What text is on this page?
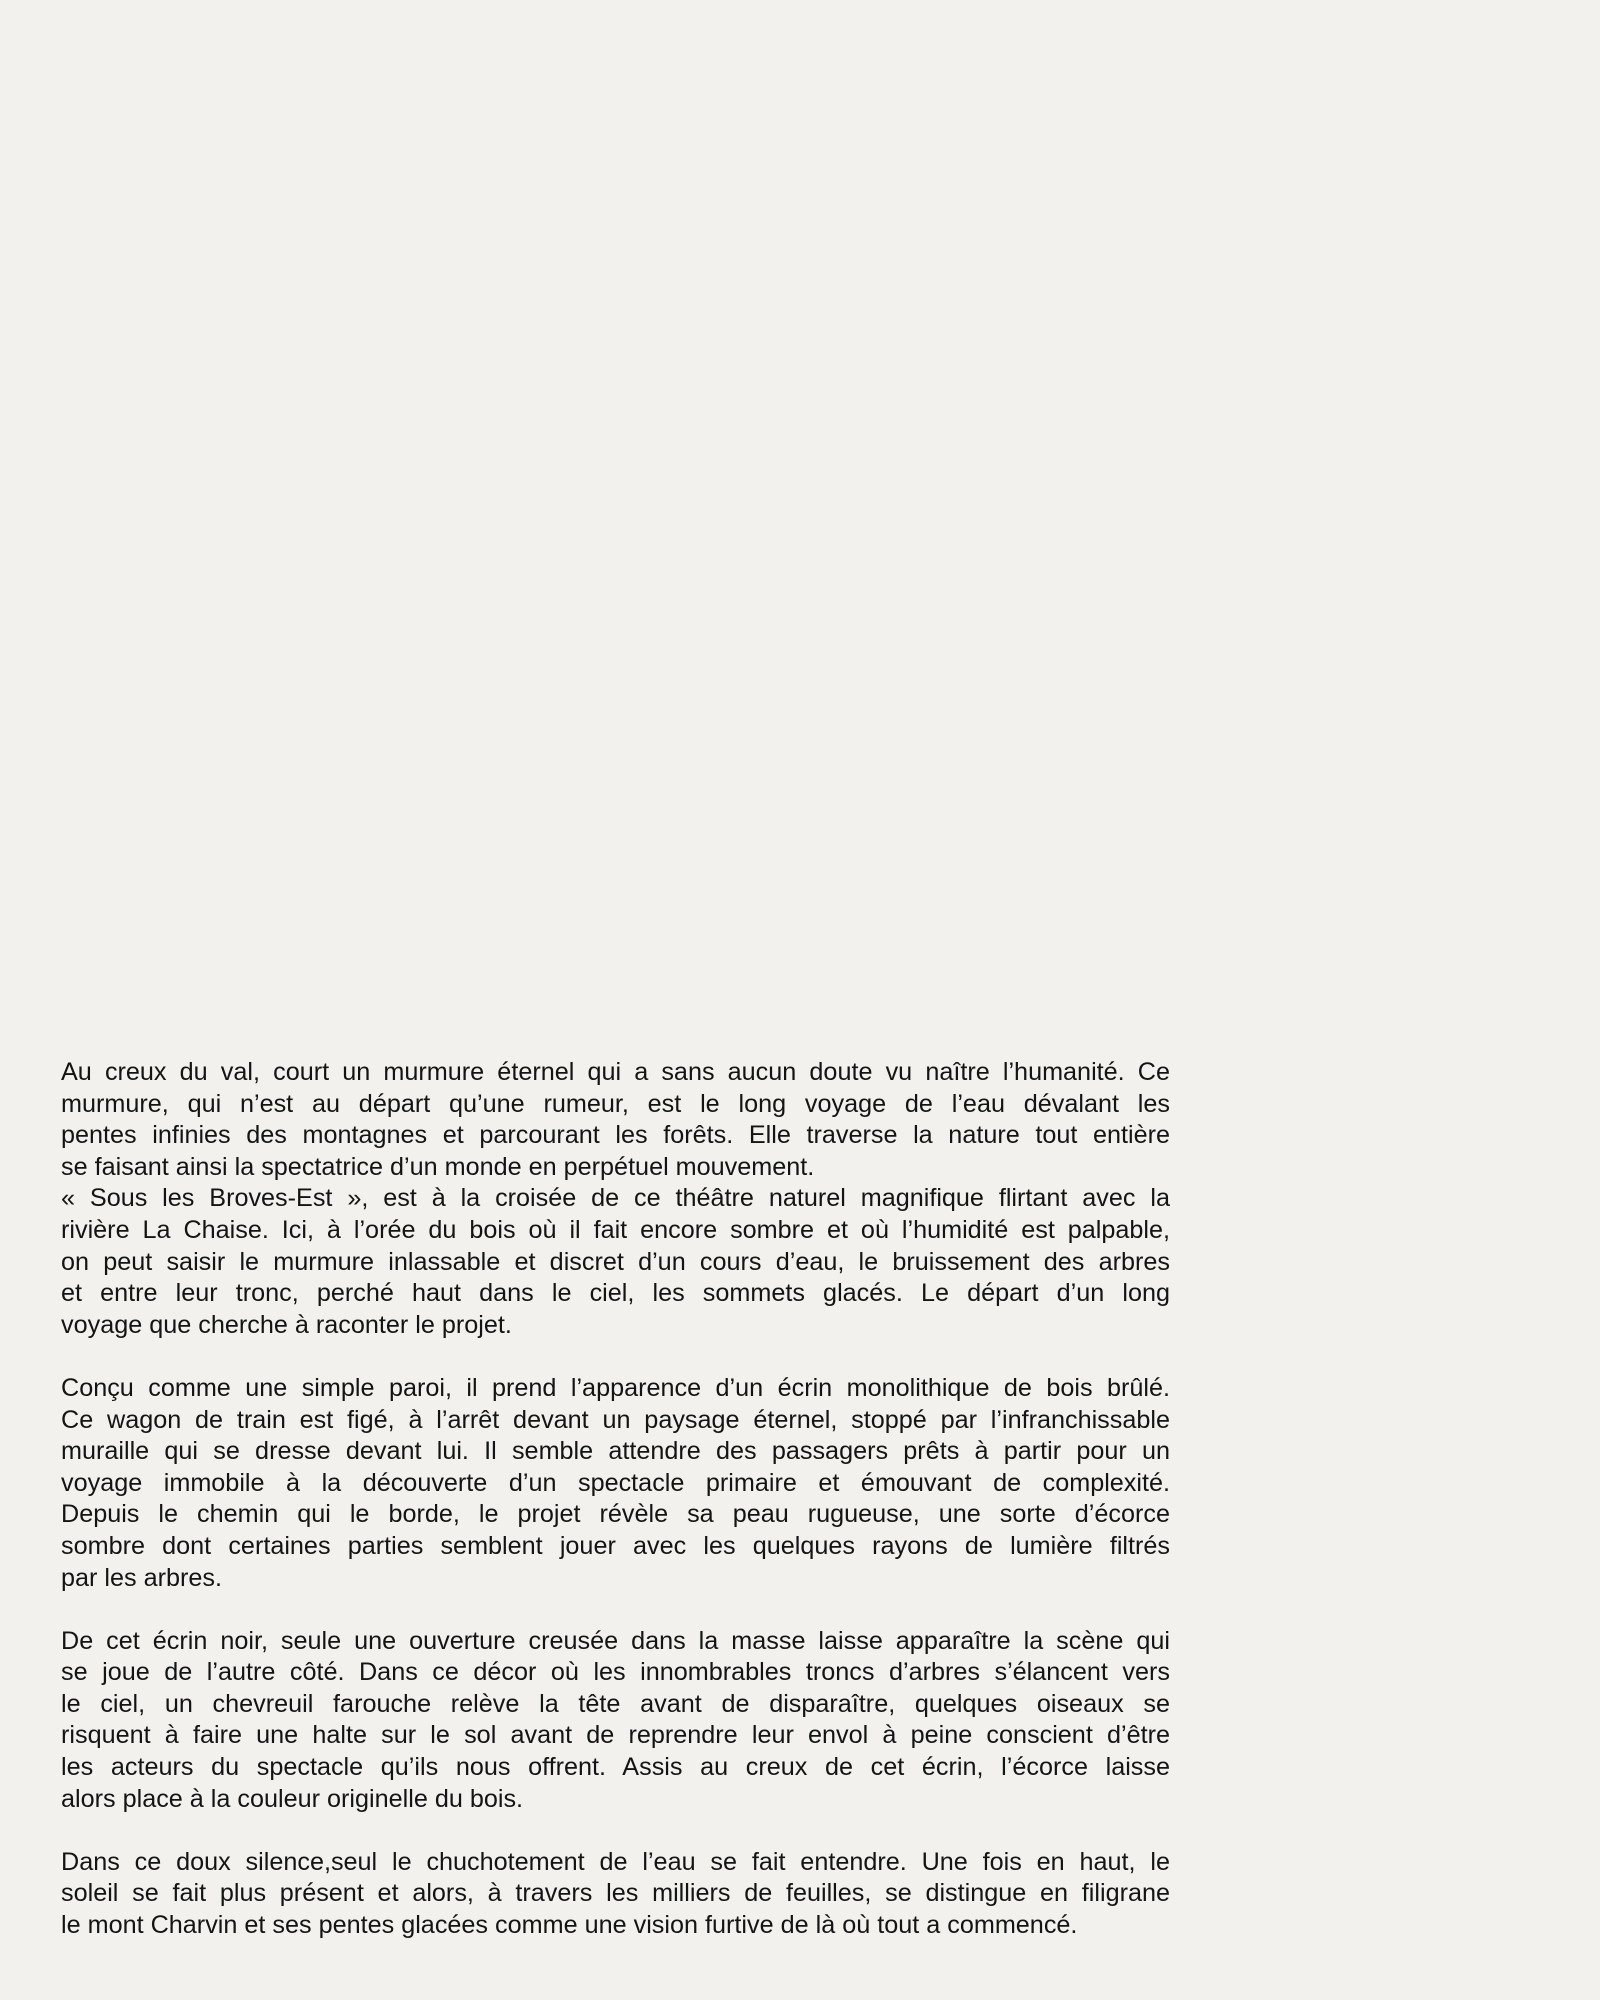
Au creux du val, court un murmure éternel qui a sans aucun doute vu naître l’humanité. Ce
murmure, qui n’est au départ qu’une rumeur, est le long voyage de l’eau dévalant les
pentes infinies des montagnes et parcourant les forêts. Elle traverse la nature tout entière
se faisant ainsi la spectatrice d’un monde en perpétuel mouvement.
« Sous les Broves-Est », est à la croisée de ce théâtre naturel magnifique flirtant avec la
rivière La Chaise. Ici, à l’orée du bois où il fait encore sombre et où l’humidité est palpable,
on peut saisir le murmure inlassable et discret d’un cours d’eau, le bruissement des arbres
et entre leur tronc, perché haut dans le ciel, les sommets glacés. Le départ d’un long
voyage que cherche à raconter le projet.
Conçu comme une simple paroi, il prend l’apparence d’un écrin monolithique de bois brûlé.
Ce wagon de train est figé, à l’arrêt devant un paysage éternel, stoppé par l’infranchissable
muraille qui se dresse devant lui. Il semble attendre des passagers prêts à partir pour un
voyage immobile à la découverte d’un spectacle primaire et émouvant de complexité.
Depuis le chemin qui le borde, le projet révèle sa peau rugueuse, une sorte d’écorce
sombre dont certaines parties semblent jouer avec les quelques rayons de lumière filtrés
par les arbres.
De cet écrin noir, seule une ouverture creusée dans la masse laisse apparaître la scène qui
se joue de l’autre côté. Dans ce décor où les innombrables troncs d’arbres s’élancent vers
le ciel, un chevreuil farouche relève la tête avant de disparaître, quelques oiseaux se
risquent à faire une halte sur le sol avant de reprendre leur envol à peine conscient d’être
les acteurs du spectacle qu’ils nous offrent. Assis au creux de cet écrin, l’écorce laisse
alors place à la couleur originelle du bois.
Dans ce doux silence,seul le chuchotement de l’eau se fait entendre. Une fois en haut, le
soleil se fait plus présent et alors, à travers les milliers de feuilles, se distingue en filigrane
le mont Charvin et ses pentes glacées comme une vision furtive de là où tout a commencé.
